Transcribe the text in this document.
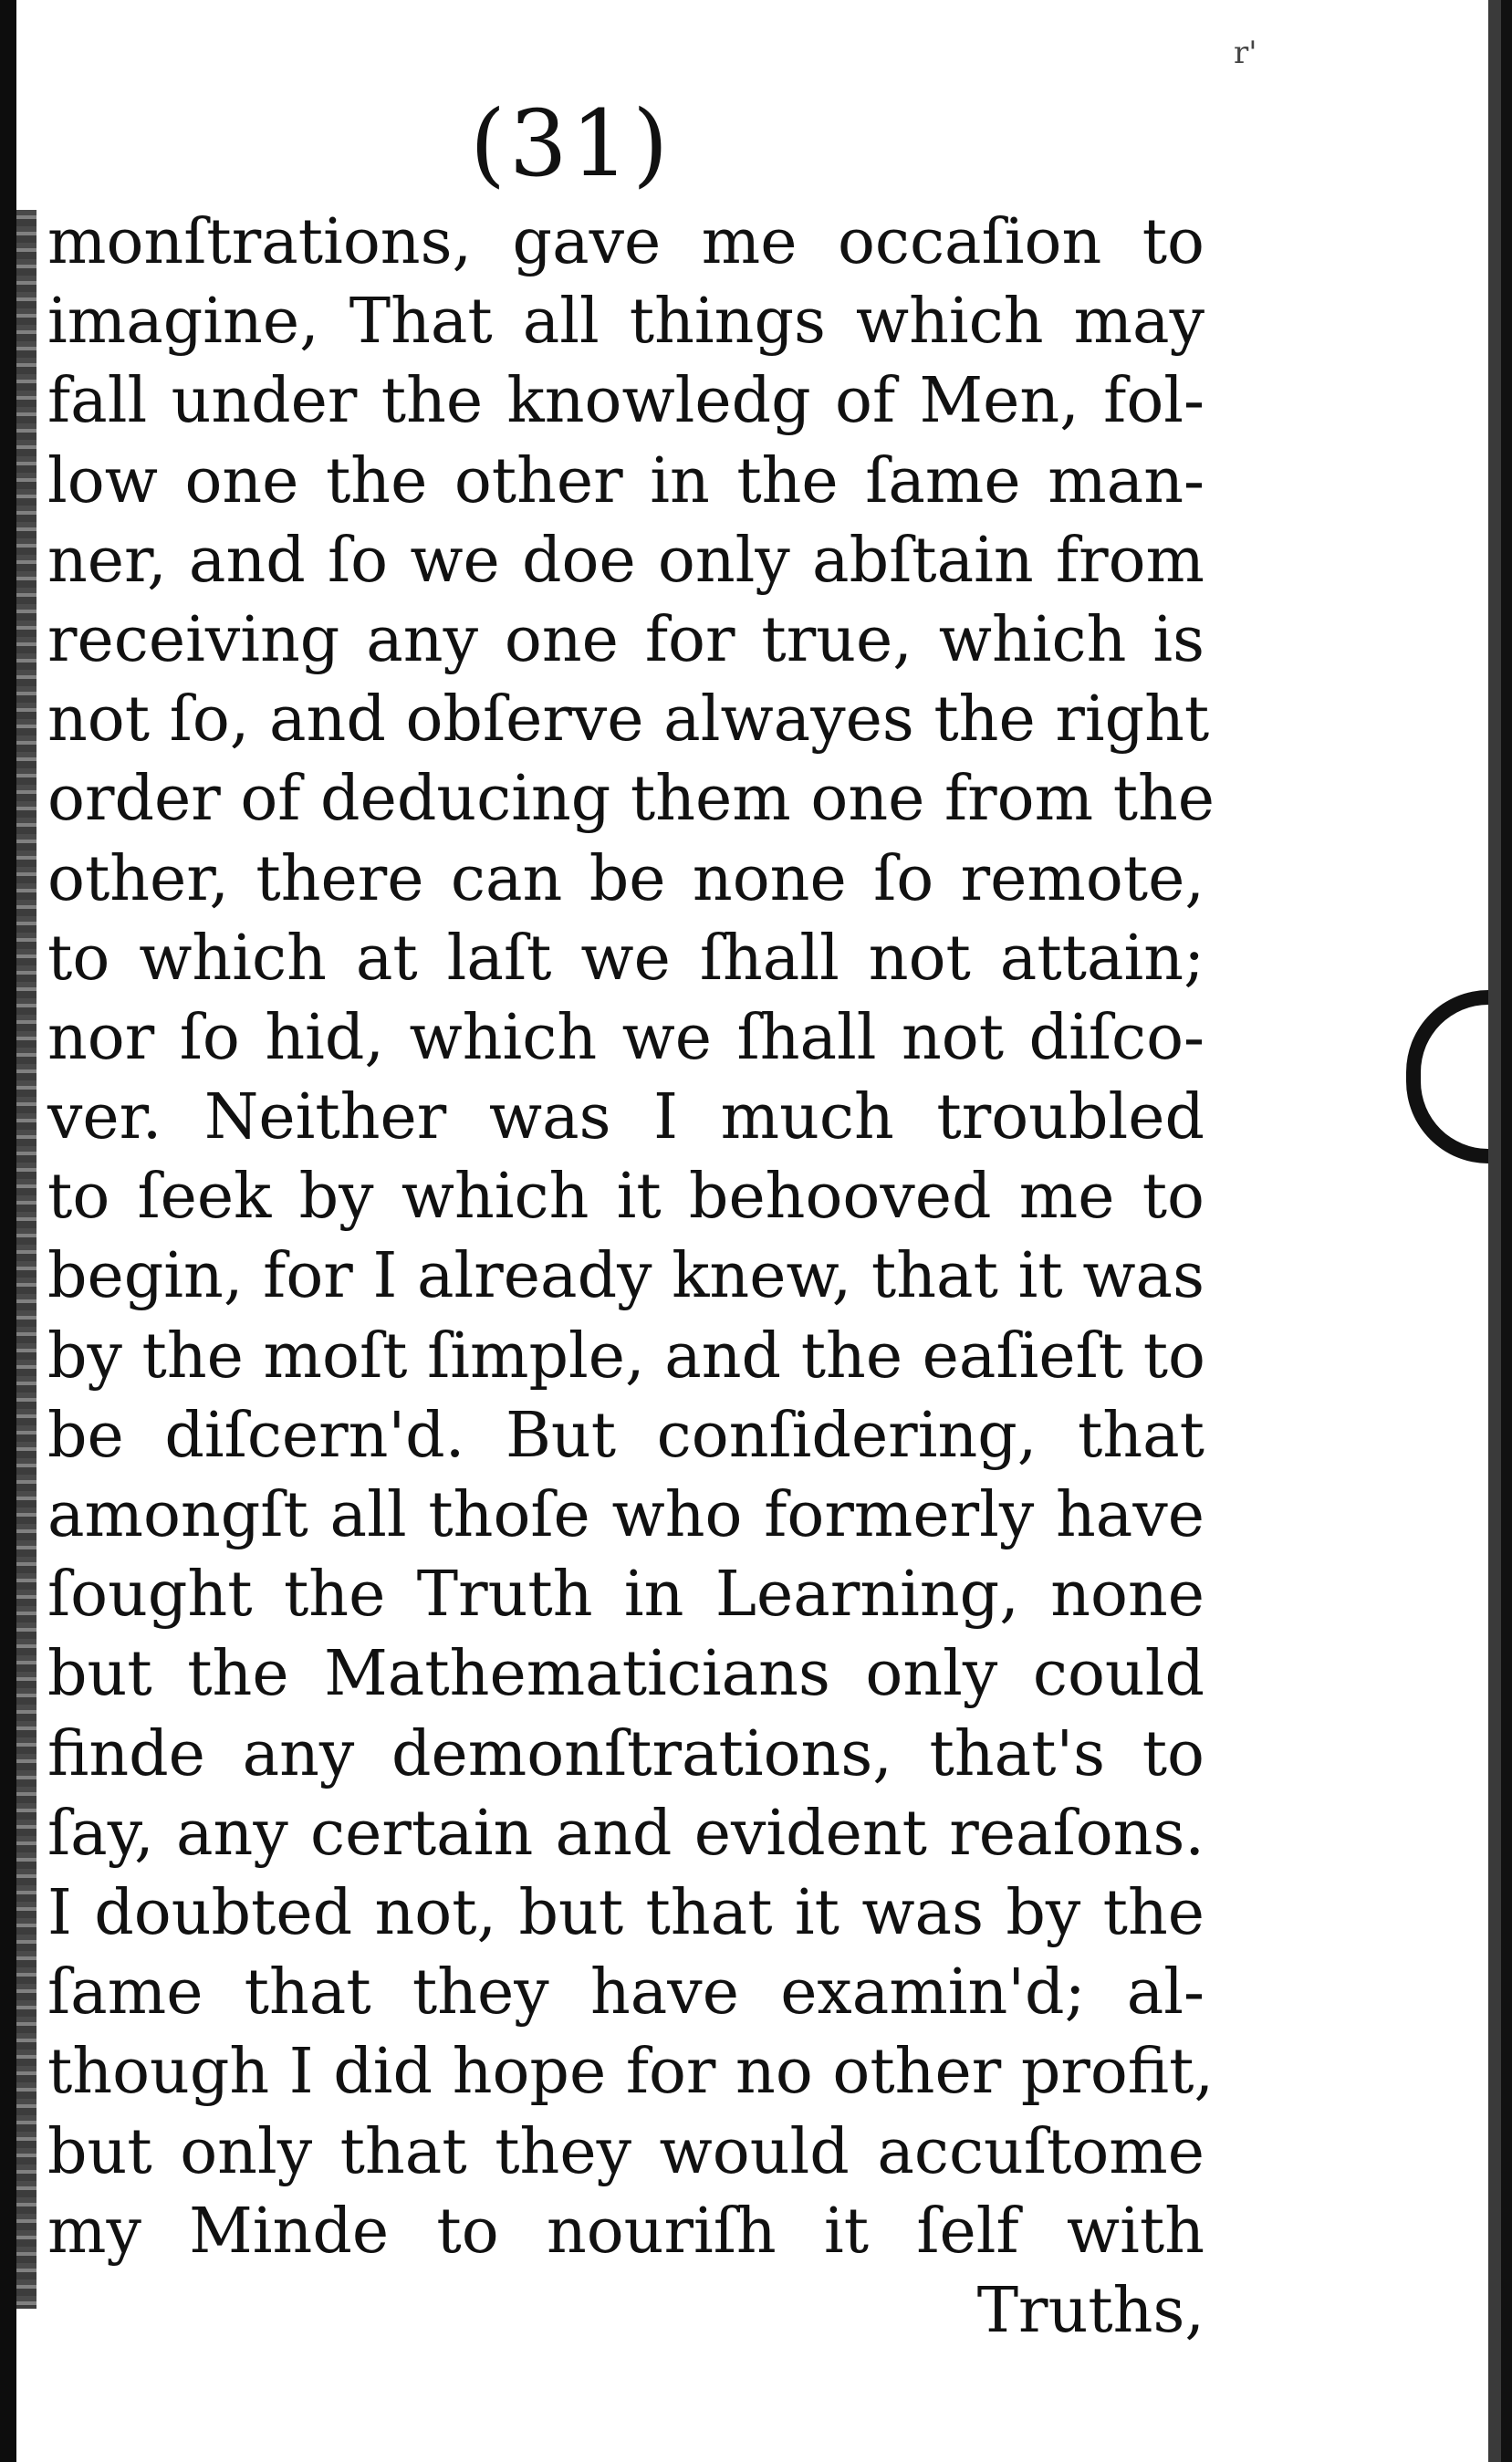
r'
(31)
monſtrations, gave me occaſion to
imagine, That all things which may
fall under the knowledg of Men, fol-
low one the other in the ſame man-
ner, and ſo we doe only abſtain from
receiving any one for true, which is
not ſo, and obſerve alwayes the right
order of deducing them one from the
other, there can be none ſo remote,
to which at laſt we ſhall not attain;
nor ſo hid, which we ſhall not diſco-
ver. Neither was I much troubled
to ſeek by which it behooved me to
begin, for I already knew, that it was
by the moſt ſimple, and the eaſieſt to
be diſcern'd. But conſidering, that
amongſt all thoſe who formerly have
ſought the Truth in Learning, none
but the Mathematicians only could
finde any demonſtrations, that's to
ſay, any certain and evident reaſons.
I doubted not, but that it was by the
ſame that they have examin'd; al-
though I did hope for no other profit,
but only that they would accuſtome
my Minde to nouriſh it ſelf with
Truths,
